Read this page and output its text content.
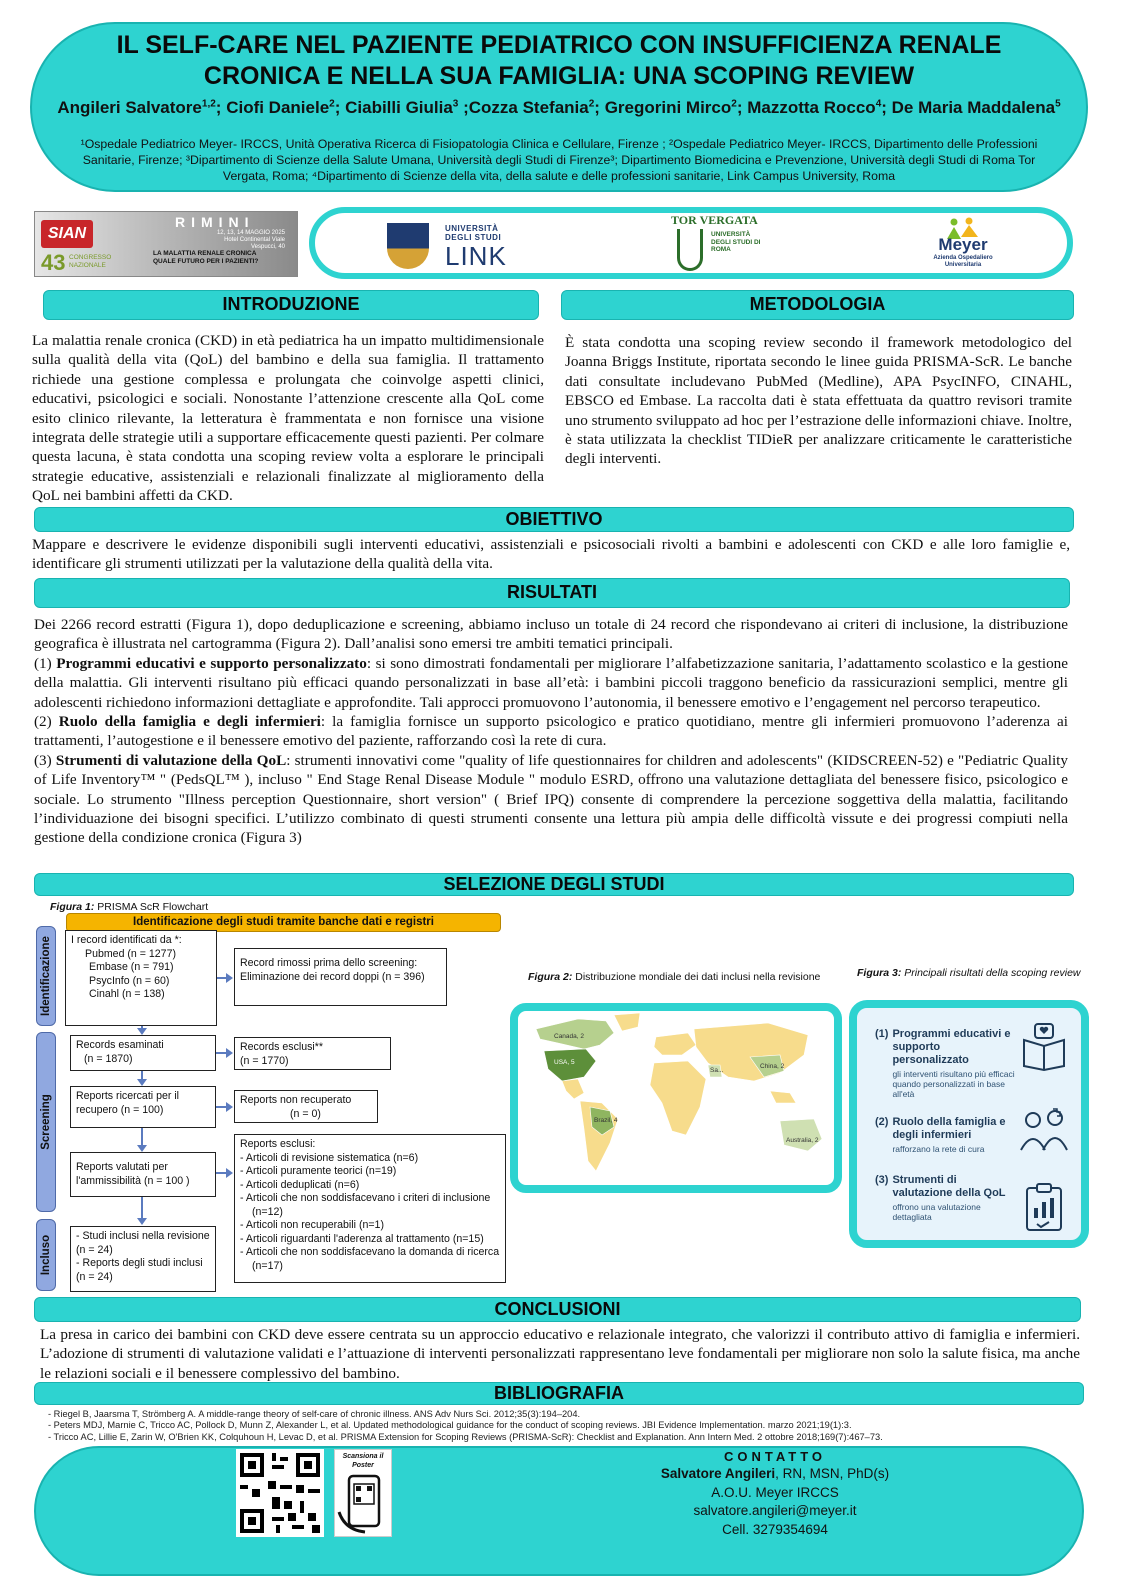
IL SELF-CARE NEL PAZIENTE PEDIATRICO CON INSUFFICIENZA RENALE
CRONICA E NELLA SUA FAMIGLIA: UNA SCOPING REVIEW
Angileri Salvatore$^{1,2}$; Ciofi Daniele$^2$; Ciabilli Giulia$^3$ ;Cozza Stefania$^2$; Gregorini Mirco$^2$; Mazzotta Rocco$^4$; De Maria Maddalena$^5$
¹Ospedale Pediatrico Meyer- IRCCS, Unità Operativa Ricerca di Fisiopatologia Clinica e Cellulare, Firenze ; ²Ospedale Pediatrico Meyer- IRCCS, Dipartimento delle Professioni Sanitarie, Firenze; ³Dipartimento di Scienze della Salute Umana, Università degli Studi di Firenze³; Dipartimento Biomedicina e Prevenzione, Università degli Studi di Roma Tor Vergata, Roma; ⁴Dipartimento di Scienze della vita, della salute e delle professioni sanitarie, Link Campus University, Roma
SIAN
43 CONGRESSO NAZIONALE
RIMINI
12, 13, 14 MAGGIO 2025 Hotel Continental Viale Vespucci, 40
LA MALATTIA RENALE CRONICA QUALE FUTURO PER I PAZIENTI?
UNIVERSITÀ DEGLI STUDI
LINK
TOR VERGATA
UNIVERSITÀ DEGLI STUDI DI ROMA	Meyer
Azienda Ospedaliero Universitaria
INTRODUZIONE	METODOLOGIA
La malattia renale cronica (CKD) in età pediatrica ha un impatto multidimensionale sulla qualità della vita (QoL) del bambino e della sua famiglia. Il trattamento richiede una gestione complessa e prolungata che coinvolge aspetti clinici, educativi, psicologici e sociali. Nonostante l’attenzione crescente alla QoL come esito clinico rilevante, la letteratura è frammentata e non fornisce una visione integrata delle strategie utili a supportare efficacemente questi pazienti. Per colmare questa lacuna, è stata condotta una scoping review volta a esplorare le principali strategie educative, assistenziali e relazionali finalizzate al miglioramento della QoL nei bambini affetti da CKD.
È stata condotta una scoping review secondo il framework metodologico del Joanna Briggs Institute, riportata secondo le linee guida PRISMA-ScR. Le banche dati consultate includevano PubMed (Medline), APA PsycINFO, CINAHL, EBSCO ed Embase. La raccolta dati è stata effettuata da quattro revisori tramite uno strumento sviluppato ad hoc per l’estrazione delle informazioni chiave. Inoltre, è stata utilizzata la checklist TIDieR per analizzare criticamente le caratteristiche degli interventi.
OBIETTIVO
Mappare e descrivere le evidenze disponibili sugli interventi educativi, assistenziali e psicosociali rivolti a bambini e adolescenti con CKD e alle loro famiglie e, identificare gli strumenti utilizzati per la valutazione della qualità della vita.
RISULTATI
Dei 2266 record estratti (Figura 1), dopo deduplicazione e screening, abbiamo incluso un totale di 24 record che rispondevano ai criteri di inclusione, la distribuzione geografica è illustrata nel cartogramma (Figura 2). Dall’analisi sono emersi tre ambiti tematici principali.
(1) Programmi educativi e supporto personalizzato: si sono dimostrati fondamentali per migliorare l’alfabetizzazione sanitaria, l’adattamento scolastico e la gestione della malattia. Gli interventi risultano più efficaci quando personalizzati in base all’età: i bambini piccoli traggono beneficio da rassicurazioni semplici, mentre gli adolescenti richiedono informazioni dettagliate e approfondite. Tali approcci promuovono l’autonomia, il benessere emotivo e l’engagement nel percorso terapeutico.
(2) Ruolo della famiglia e degli infermieri: la famiglia fornisce un supporto psicologico e pratico quotidiano, mentre gli infermieri promuovono l’aderenza ai trattamenti, l’autogestione e il benessere emotivo del paziente, rafforzando così la rete di cura.
(3) Strumenti di valutazione della QoL: strumenti innovativi come "quality of life questionnaires for children and adolescents" (KIDSCREEN-52) e "Pediatric Quality of Life Inventory™ " (PedsQL™ ), incluso " End Stage Renal Disease Module " modulo ESRD, offrono una valutazione dettagliata del benessere fisico, psicologico e sociale. Lo strumento "Illness perception Questionnaire, short version" ( Brief IPQ) consente di comprendere la percezione soggettiva della malattia, facilitando l’individuazione dei bisogni specifici. L’utilizzo combinato di questi strumenti consente una lettura più ampia delle difficoltà vissute e dei progressi compiuti nella gestione della condizione cronica (Figura 3)
SELEZIONE DEGLI STUDI
Figura 1: PRISMA ScR Flowchart
Identificazione degli studi tramite banche dati e registri
Identificazione
Screening
Incluso
I record identificati da *:
Pubmed (n = 1277)
Embase (n = 791)
PsycInfo (n = 60)
Cinahl (n = 138)
Record rimossi prima dello screening:
Eliminazione dei record doppi (n = 396)
Records esaminati
(n = 1870)
Records esclusi**
(n = 1770)
Reports ricercati per il recupero (n = 100)
Reports non recuperato
(n = 0)
Reports valutati per l'ammissibilità (n = 100 )
Reports esclusi:
- Articoli di revisione sistematica (n=6)
- Articoli puramente teorici (n=19)
- Articoli deduplicati (n=6)
- Articoli che non soddisfacevano i criteri di inclusione (n=12)
- Articoli non recuperabili (n=1)
- Articoli riguardanti l'aderenza al trattamento (n=15)
- Articoli che non soddisfacevano la domanda di ricerca (n=17)
- Studi inclusi nella revisione (n = 24)
- Reports degli studi inclusi (n = 24)
Figura 2: Distribuzione mondiale dei dati inclusi nella revisione
Canada, 2
USA, 5
Brazil, 4
China, 2
Australia, 2
Sa...
Figura 3: Principali risultati della scoping review
(1) Programmi educativi e supporto personalizzato
gli interventi risultano più efficaci quando personalizzati in base all'età
(2) Ruolo della famiglia e degli infermieri
rafforzano la rete di cura
(3) Strumenti di valutazione della QoL
offrono una valutazione dettagliata
CONCLUSIONI
La presa in carico dei bambini con CKD deve essere centrata su un approccio educativo e relazionale integrato, che valorizzi il contributo attivo di famiglia e infermieri. L’adozione di strumenti di valutazione validati e l’attuazione di interventi personalizzati rappresentano leve fondamentali per migliorare non solo la salute fisica, ma anche le relazioni sociali e il benessere complessivo del bambino.
BIBLIOGRAFIA
- Riegel B, Jaarsma T, Strömberg A. A middle-range theory of self-care of chronic illness. ANS Adv Nurs Sci. 2012;35(3):194–204.
- Peters MDJ, Marnie C, Tricco AC, Pollock D, Munn Z, Alexander L, et al. Updated methodological guidance for the conduct of scoping reviews. JBI Evidence Implementation. marzo 2021;19(1):3.
- Tricco AC, Lillie E, Zarin W, O'Brien KK, Colquhoun H, Levac D, et al. PRISMA Extension for Scoping Reviews (PRISMA-ScR): Checklist and Explanation. Ann Intern Med. 2 ottobre 2018;169(7):467–73.
Scansiona il Poster
CONTATTO
Salvatore Angileri, RN, MSN, PhD(s)
A.O.U. Meyer IRCCS
salvatore.angileri@meyer.it
Cell. 3279354694
